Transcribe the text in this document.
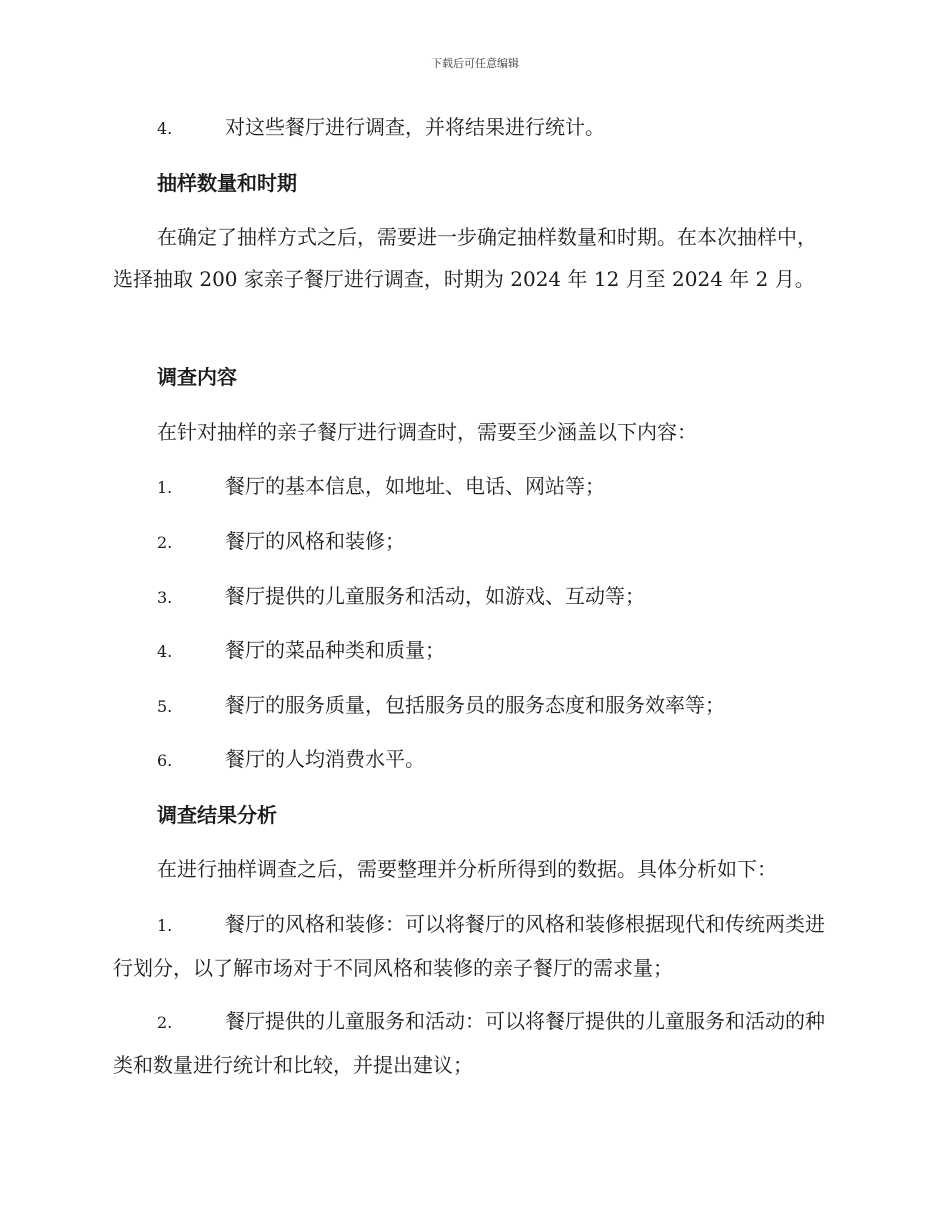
下载后可任意编辑
4.	对这些餐厅进行调查，并将结果进行统计。
抽样数量和时期

在确定了抽样方式之后，需要进一步确定抽样数量和时期。在本次抽样中，选择抽取 200 家亲子餐厅进行调查，时期为 2024 年 12 月至 2024 年 2 月。

调查内容

在针对抽样的亲子餐厅进行调查时，需要至少涵盖以下内容：

1.	餐厅的基本信息，如地址、电话、网站等；
2.	餐厅的风格和装修；
3.	餐厅提供的儿童服务和活动，如游戏、互动等；
4.	餐厅的菜品种类和质量；
5.	餐厅的服务质量，包括服务员的服务态度和服务效率等；
6.	餐厅的人均消费水平。
调查结果分析

在进行抽样调查之后，需要整理并分析所得到的数据。具体分析如下：

1.	餐厅的风格和装修：可以将餐厅的风格和装修根据现代和传统两类进行划分，以了解市场对于不同风格和装修的亲子餐厅的需求量；
2.	餐厅提供的儿童服务和活动：可以将餐厅提供的儿童服务和活动的种类和数量进行统计和比较，并提出建议；
